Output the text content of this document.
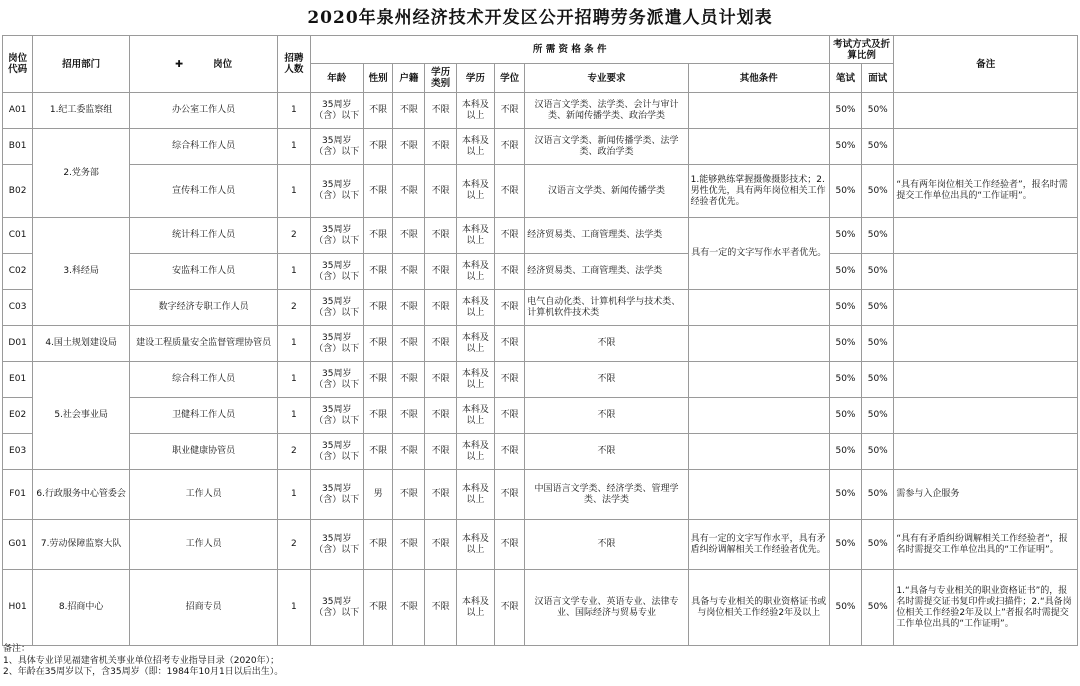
2020年泉州经济技术开发区公开招聘劳务派遣人员计划表
岗位代码	招用部门	✚ 岗位	招聘人数	所 需 资 格 条 件								考试方式及折算比例		备注
				年龄	性别	户籍	学历类别	学历	学位	专业要求	其他条件	笔试	面试	
A01	1.纪工委监察组	办公室工作人员	1	35周岁（含）以下	不限	不限	不限	本科及以上	不限	汉语言文学类、法学类、会计与审计类、新闻传播学类、政治学类		50%	50%	
B01	2.党务部	综合科工作人员	1	35周岁（含）以下	不限	不限	不限	本科及以上	不限	汉语言文学类、新闻传播学类、法学类、政治学类		50%	50%	
B02		宣传科工作人员	1	35周岁（含）以下	不限	不限	不限	本科及以上	不限	汉语言文学类、新闻传播学类	1.能够熟练掌握摄像摄影技术；2.男性优先，具有两年岗位相关工作经验者优先。	50%	50%	“具有两年岗位相关工作经验者”，报名时需提交工作单位出具的“工作证明”。
C01	3.科经局	统计科工作人员	2	35周岁（含）以下	不限	不限	不限	本科及以上	不限	经济贸易类、工商管理类、法学类	具有一定的文字写作水平者优先。	50%	50%	
C02		安监科工作人员	1	35周岁（含）以下	不限	不限	不限	本科及以上	不限	经济贸易类、工商管理类、法学类		50%	50%	
C03		数字经济专职工作人员	2	35周岁（含）以下	不限	不限	不限	本科及以上	不限	电气自动化类、计算机科学与技术类、计算机软件技术类		50%	50%	
D01	4.国土规划建设局	建设工程质量安全监督管理协管员	1	35周岁（含）以下	不限	不限	不限	本科及以上	不限	不限		50%	50%	
E01	5.社会事业局	综合科工作人员	1	35周岁（含）以下	不限	不限	不限	本科及以上	不限	不限		50%	50%	
E02		卫健科工作人员	1	35周岁（含）以下	不限	不限	不限	本科及以上	不限	不限		50%	50%	
E03		职业健康协管员	2	35周岁（含）以下	不限	不限	不限	本科及以上	不限	不限		50%	50%	
F01	6.行政服务中心管委会	工作人员	1	35周岁（含）以下	男	不限	不限	本科及以上	不限	中国语言文学类、经济学类、管理学类、法学类		50%	50%	需参与入企服务
G01	7.劳动保障监察大队	工作人员	2	35周岁（含）以下	不限	不限	不限	本科及以上	不限	不限	具有一定的文字写作水平，具有矛盾纠纷调解相关工作经验者优先。	50%	50%	“具有有矛盾纠纷调解相关工作经验者”，报名时需提交工作单位出具的“工作证明”。
H01	8.招商中心	招商专员	1	35周岁（含）以下	不限	不限	不限	本科及以上	不限	汉语言文学专业、英语专业、法律专业、国际经济与贸易专业	具备与专业相关的职业资格证书或与岗位相关工作经验2年及以上	50%	50%	1.“具备与专业相关的职业资格证书”的，报名时需提交证书复印件或扫描件；2.“具备岗位相关工作经验2年及以上”者报名时需提交工作单位出具的“工作证明”。
备注：
1、具体专业详见福建省机关事业单位招考专业指导目录（2020年）；
2、年龄在35周岁以下，含35周岁（即：1984年10月1日以后出生）。
